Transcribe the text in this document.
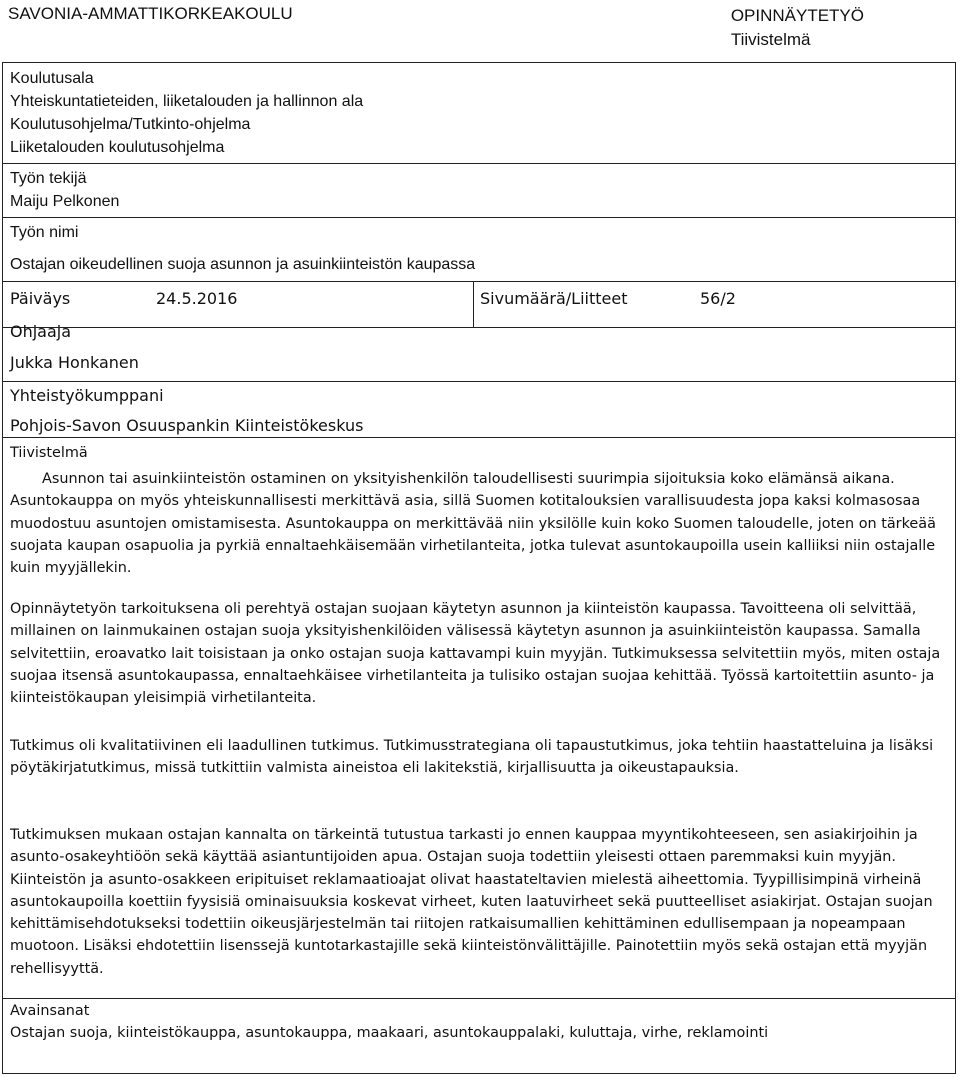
SAVONIA-AMMATTIKORKEAKOULU	OPINNÄYTETYÖ
Tiivistelmä
Koulutusala
Yhteiskuntatieteiden, liiketalouden ja hallinnon ala
Koulutusohjelma/Tutkinto-ohjelma
Liiketalouden koulutusohjelma
Työn tekijä
Maiju Pelkonen
Työn nimi
Ostajan oikeudellinen suoja asunnon ja asuinkiinteistön kaupassa
Päiväys	24.5.2016	Sivumäärä/Liitteet	56/2
Ohjaaja
Jukka Honkanen
Yhteistyökumppani
Pohjois-Savon Osuuspankin Kiinteistökeskus
Tiivistelmä
Asunnon tai asuinkiinteistön ostaminen on yksityishenkilön taloudellisesti suurimpia sijoituksia koko elämänsä aikana. Asuntokauppa on myös yhteiskunnallisesti merkittävä asia, sillä Suomen kotitalouksien varallisuudesta jopa kaksi kolmasosaa muodostuu asuntojen omistamisesta. Asuntokauppa on merkittävää niin yksilölle kuin koko Suomen taloudelle, joten on tärkeää suojata kaupan osapuolia ja pyrkiä ennaltaehkäisemään virhetilanteita, jotka tulevat asuntokaupoilla usein kalliiksi niin ostajalle kuin myyjällekin.
Opinnäytetyön tarkoituksena oli perehtyä ostajan suojaan käytetyn asunnon ja kiinteistön kaupassa. Tavoitteena oli selvittää, millainen on lainmukainen ostajan suoja yksityishenkilöiden välisessä käytetyn asunnon ja asuinkiinteistön kaupassa. Samalla selvitettiin, eroavatko lait toisistaan ja onko ostajan suoja kattavampi kuin myyjän. Tutkimuksessa selvitettiin myös, miten ostaja suojaa itsensä asuntokaupassa, ennaltaehkäisee virhetilanteita ja tulisiko ostajan suojaa kehittää. Työssä kartoitettiin asunto- ja kiinteistökaupan yleisimpiä virhetilanteita.
Tutkimus oli kvalitatiivinen eli laadullinen tutkimus. Tutkimusstrategiana oli tapaustutkimus, joka tehtiin haastatteluina ja lisäksi pöytäkirjatutkimus, missä tutkittiin valmista aineistoa eli lakitekstiä, kirjallisuutta ja oikeustapauksia.
Tutkimuksen mukaan ostajan kannalta on tärkeintä tutustua tarkasti jo ennen kauppaa myyntikohteeseen, sen asiakirjoihin ja asunto-osakeyhtiöön sekä käyttää asiantuntijoiden apua. Ostajan suoja todettiin yleisesti ottaen paremmaksi kuin myyjän. Kiinteistön ja asunto-osakkeen eripituiset reklamaatioajat olivat haastateltavien mielestä aiheettomia. Tyypillisimpinä virheinä asuntokaupoilla koettiin fyysisiä ominaisuuksia koskevat virheet, kuten laatuvirheet sekä puutteelliset asiakirjat. Ostajan suojan kehittämisehdotukseksi todettiin oikeusjärjestelmän tai riitojen ratkaisumallien kehittäminen edullisempaan ja nopeampaan muotoon. Lisäksi ehdotettiin lisenssejä kuntotarkastajille sekä kiinteistönvälittäjille. Painotettiin myös sekä ostajan että myyjän rehellisyyttä.
Avainsanat
Ostajan suoja, kiinteistökauppa, asuntokauppa, maakaari, asuntokauppalaki, kuluttaja, virhe, reklamointi
